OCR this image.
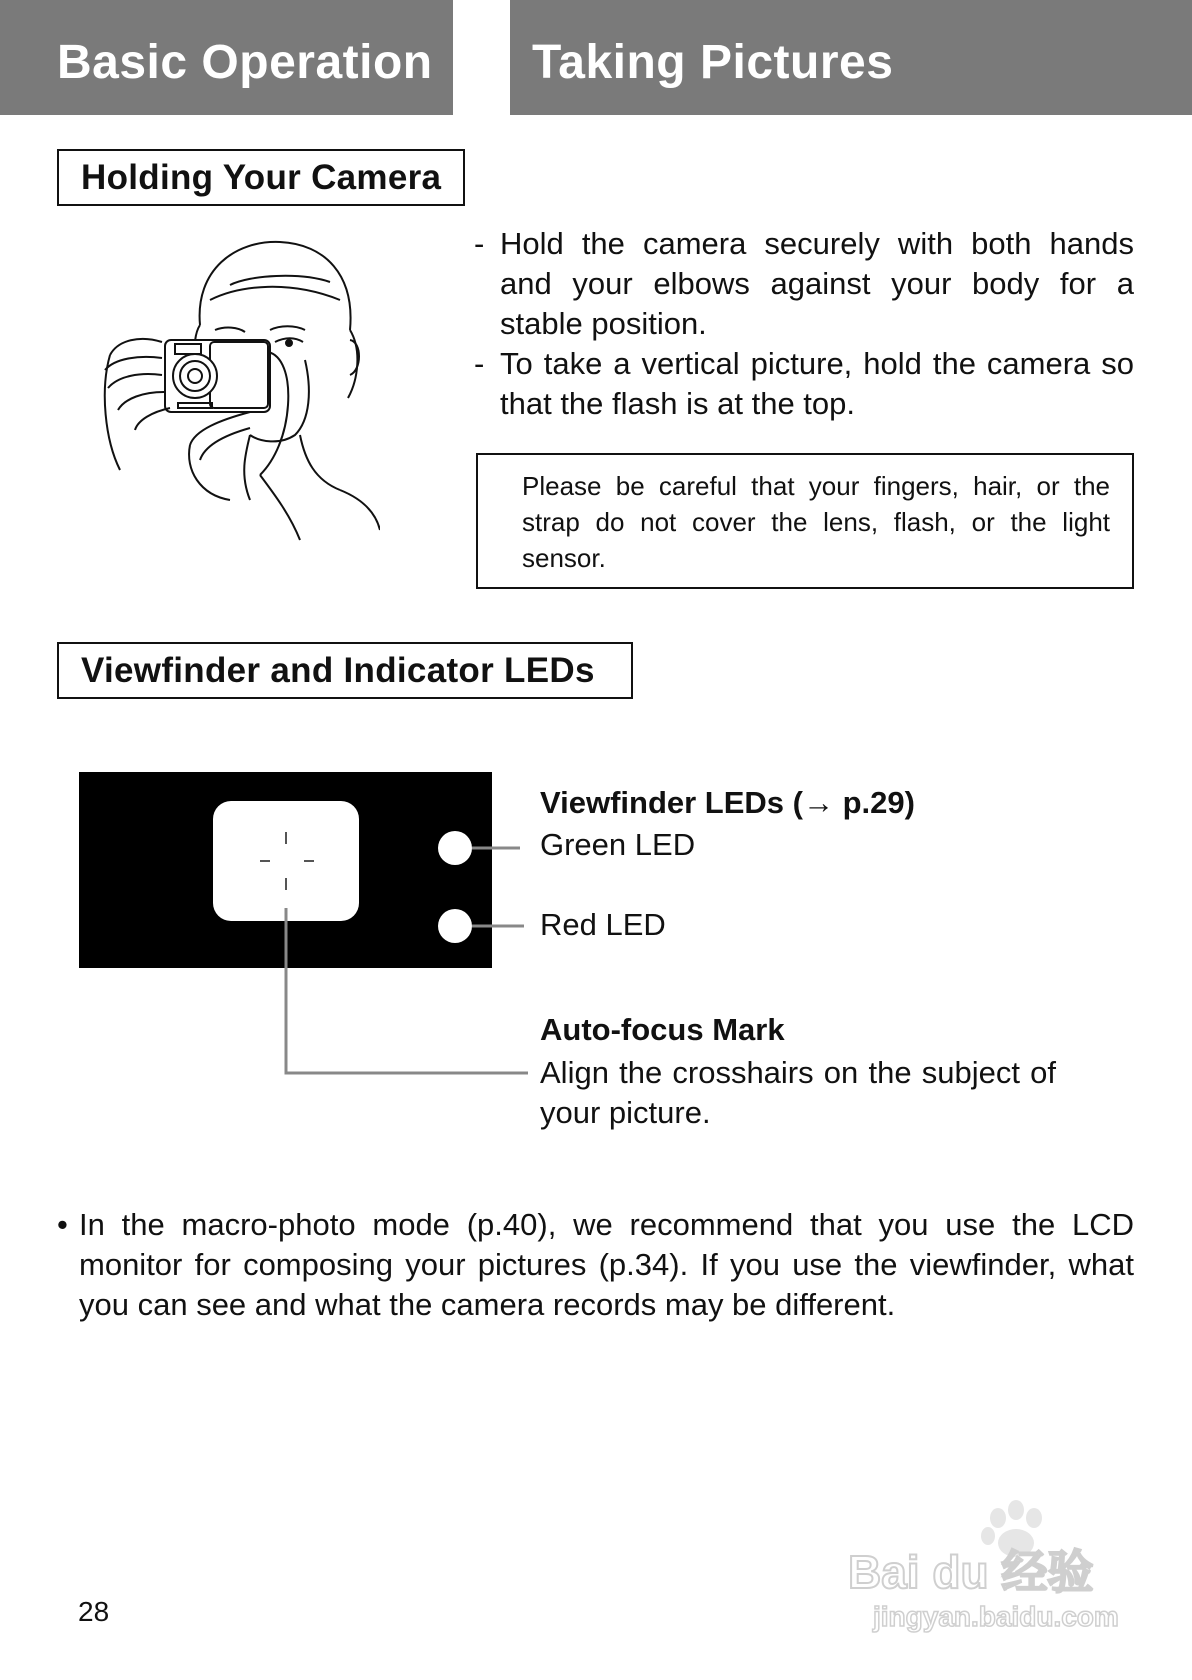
Basic Operation	Taking Pictures
Holding Your Camera
- Hold the camera securely with both hands and your elbows against your body for a stable position.
- To take a vertical picture, hold the camera so that the flash is at the top.
Please be careful that your fingers, hair, or the strap do not cover the lens, flash, or the light sensor.
Viewfinder and Indicator LEDs
Viewfinder LEDs (→ p.29)
Green LED
Red LED
Auto-focus Mark
Align the crosshairs on the subject of your picture.
• In the macro-photo mode (p.40), we recommend that you use the LCD monitor for composing your pictures (p.34). If you use the viewfinder, what you can see and what the camera records may be different.
28
Bai du 经验
jingyan.baidu.com
